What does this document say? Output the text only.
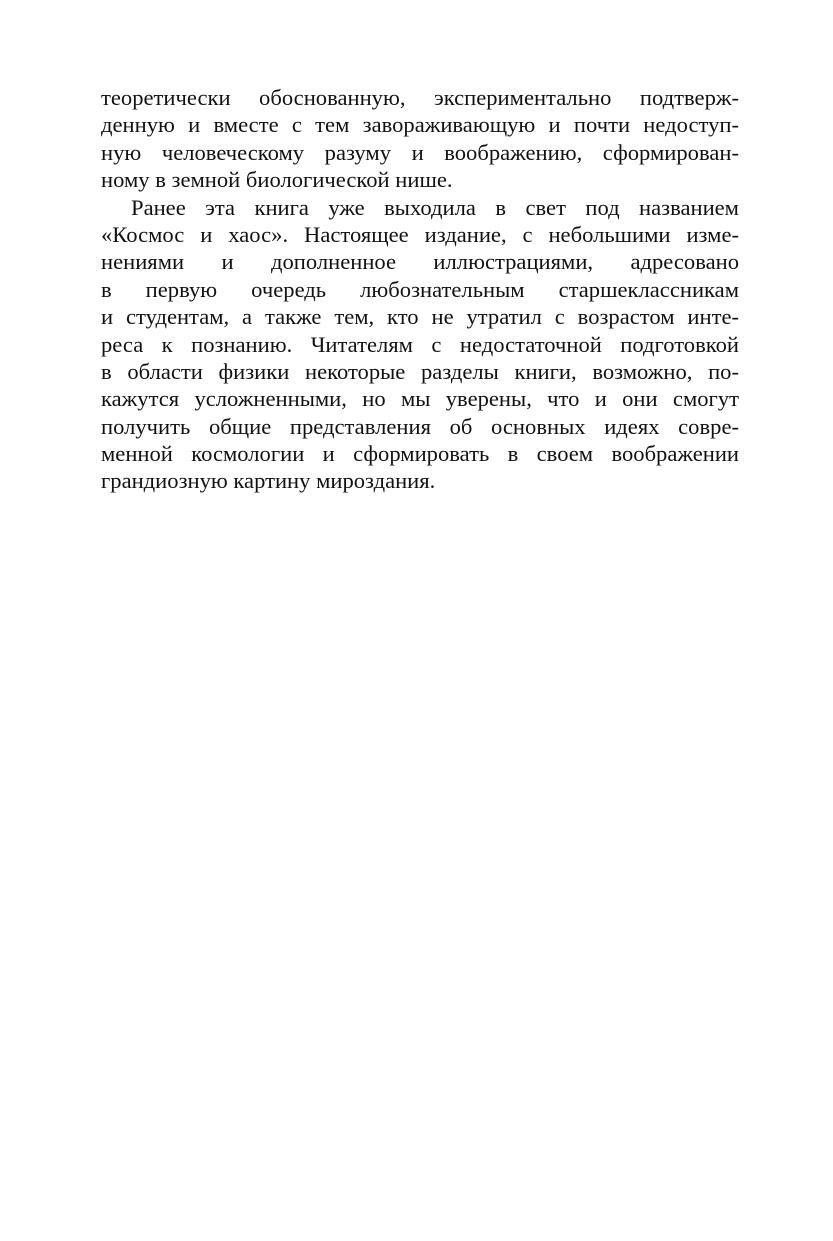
теоретически обоснованную, экспериментально подтверж-
денную и вместе с тем завораживающую и почти недоступ-
ную человеческому разуму и воображению, сформирован-
ному в земной биологической нише.
Ранее эта книга уже выходила в свет под названием
«Космос и хаос». Настоящее издание, с небольшими изме-
нениями и дополненное иллюстрациями, адресовано
в первую очередь любознательным старшеклассникам
и студентам, а также тем, кто не утратил с возрастом инте-
реса к познанию. Читателям с недостаточной подготовкой
в области физики некоторые разделы книги, возможно, по-
кажутся усложненными, но мы уверены, что и они смогут
получить общие представления об основных идеях совре-
менной космологии и сформировать в своем воображении
грандиозную картину мироздания.
